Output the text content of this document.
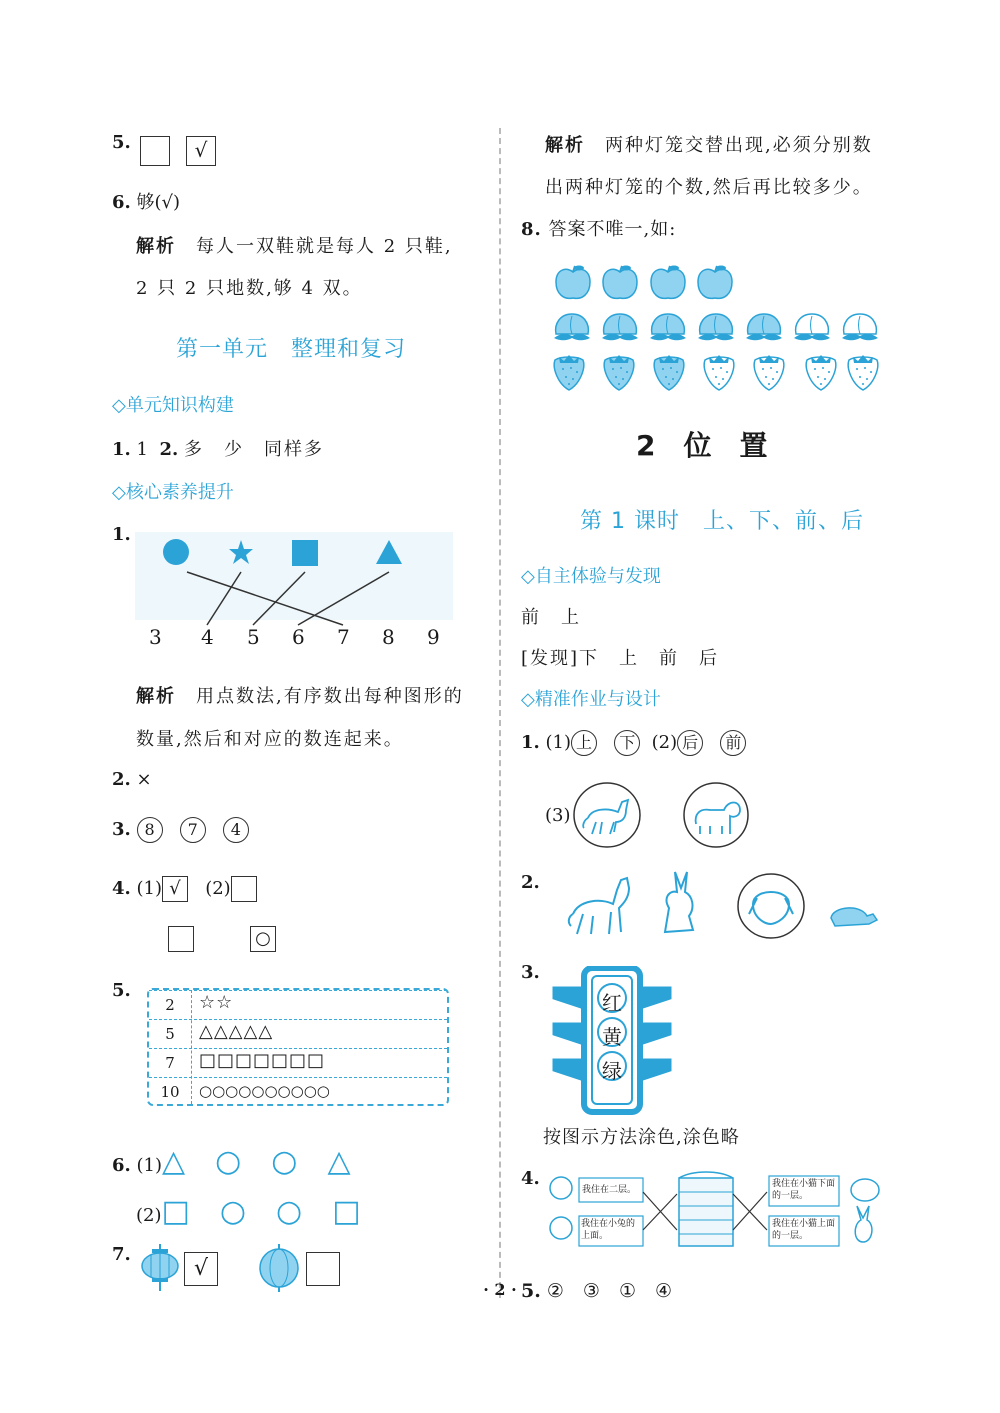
5.	√
6. 够(√)
解析　 每人一双鞋就是每人 2 只鞋,
2 只 2 只地数,够 4 双。
第一单元　整理和复习
◇单元知识构建
1. 1 2. 多　少　同样多
◇核心素养提升
1.
3 4 5 6 7 8 9
解析　 用点数法,有序数出每种图形的
数量,然后和对应的数连起来。
2. ×
3. 8 7 4
4. (1) √ (2)
○
5.
2	☆☆
5	△△△△△
7	□□□□□□□
10	○○○○○○○○○○
6. (1)△　○　○　△
(2)□　○　○　□
7.
√
解析　 两种灯笼交替出现,必须分别数
出两种灯笼的个数,然后再比较多少。
8. 答案不唯一,如:
2　位　置
第 1 课时　上、下、前、后
◇自主体验与发现
前　上
[发现]下　上　前　后
◇精准作业与设计
1. (1) 上 下 (2) 后 前
(3)
2.
3.
红
黄
绿
按图示方法涂色,涂色略
4.
我住在二层。
我住在小兔的上面。
我住在小猫下面的一层。
我住在小猫上面的一层。
5. ②　③　①　④
· 2 ·
